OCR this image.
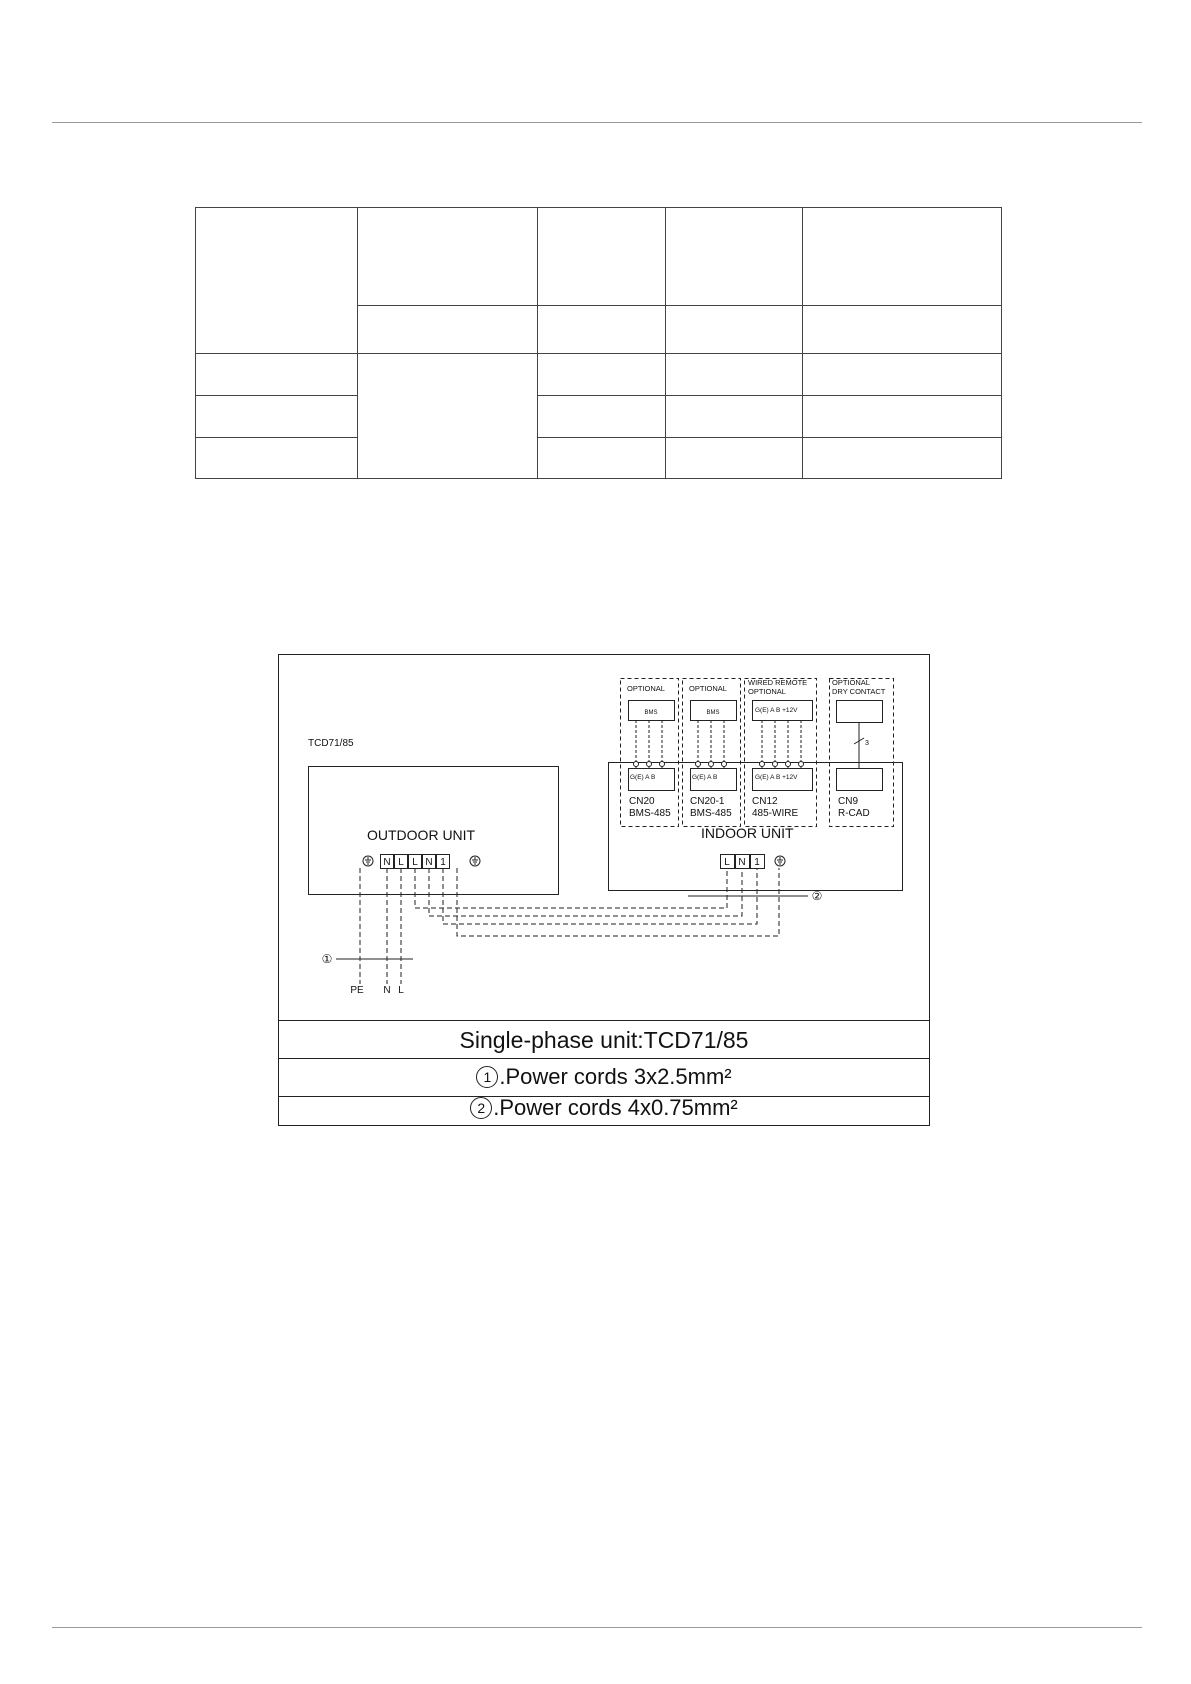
TCD71/85
OUTDOOR UNIT	INDOOR UNIT
N L L N 1	L N 1
PE N L
①
②
3
OPTIONAL
BMS
G(E) A B
CN20
BMS-485
OPTIONAL
BMS
G(E) A B
CN20-1
BMS-485
WIRED REMOTE
OPTIONAL
G(E) A B +12V
G(E) A B +12V
CN12
485-WIRE
OPTIONAL
DRY CONTACT
CN9
R-CAD
Single-phase unit:TCD71/85
1 .Power cords 3x2.5mm²
2 .Power cords 4x0.75mm²
